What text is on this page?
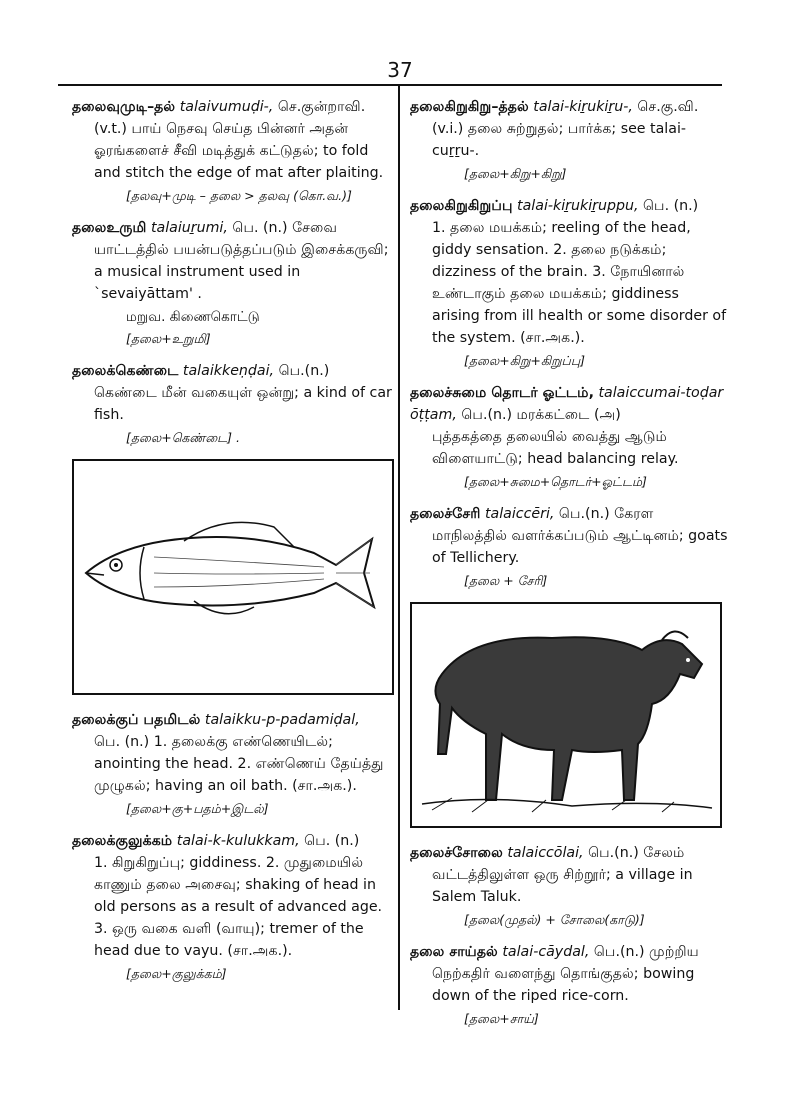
37
தலைவுமுடி–தல் talaivumuḍi-, செ.குன்றாவி.
(v.t.) பாய் நெசவு செய்த பின்னர் அதன் ஓரங்களைச் சீவி மடித்துக் கட்டுதல்; to fold and stitch the edge of mat after plaiting.
[தலவு+முடி – தலை > தலவு (கொ.வ.)]
தலைஉருமி talaiuṟumi, பெ. (n.) சேவை
யாட்டத்தில் பயன்படுத்தப்படும் இசைக்கருவி; a musical instrument used in `sevaiyāttam' .
மறுவ. கிணைகொட்டு
[தலை+உறுமி]
தலைக்கெண்டை talaikkeṇḍai, பெ.(n.)
கெண்டை மீன் வகையுள் ஒன்று; a kind of car fish.
[தலை+கெண்டை] .
தலைக்குப் பதமிடல் talaikku-p-padamiḍal,
பெ. (n.) 1. தலைக்கு எண்ணெயிடல்; anointing the head. 2. எண்ணெய் தேய்த்து முழுகல்; having an oil bath. (சா.அக.).
[தலை+கு+பதம்+இடல்]
தலைக்குலுக்கம் talai-k-kulukkam, பெ. (n.)
1. கிறுகிறுப்பு; giddiness. 2. முதுமையில் காணும் தலை அசைவு; shaking of head in old persons as a result of advanced age. 3. ஒரு வகை வளி (வாயு); tremer of the head due to vayu. (சா.அக.).
[தலை+குலுக்கம்]
தலைகிறுகிறு–த்தல் talai-kiṟukiṟu-, செ.கு.வி.
(v.i.) தலை சுற்றுதல்; பார்க்க; see talai-cuṟṟu-.
[தலை+கிறு+கிறு]
தலைகிறுகிறுப்பு talai-kiṟukiṟuppu, பெ. (n.)
1. தலை மயக்கம்; reeling of the head, giddy sensation. 2. தலை நடுக்கம்; dizziness of the brain. 3. நோயினால் உண்டாகும் தலை மயக்கம்; giddiness arising from ill health or some disorder of the system. (சா.அக.).
[தலை+கிறு+கிறுப்பு]
தலைச்சுமை தொடர் ஓட்டம், talaiccumai-toḍar ōṭṭam, பெ.(n.) மரக்கட்டை (அ)
புத்தகத்தை தலையில் வைத்து ஆடும் விளையாட்டு; head balancing relay.
[தலை+சுமை+தொடர்+ஓட்டம்]
தலைச்சேரி talaiccēri, பெ.(n.) கேரள
மாநிலத்தில் வளர்க்கப்படும் ஆட்டினம்; goats of Tellichery.
[தலை + சேரி]
தலைச்சோலை talaiccōlai, பெ.(n.) சேலம்
வட்டத்திலுள்ள ஒரு சிற்றூர்; a village in Salem Taluk.
[தலை(முதல்) + சோலை(காடு)]
தலை சாய்தல் talai-cāydal, பெ.(n.) முற்றிய
நெற்கதிர் வளைந்து தொங்குதல்; bowing down of the riped rice-corn.
[தலை+சாய்]
